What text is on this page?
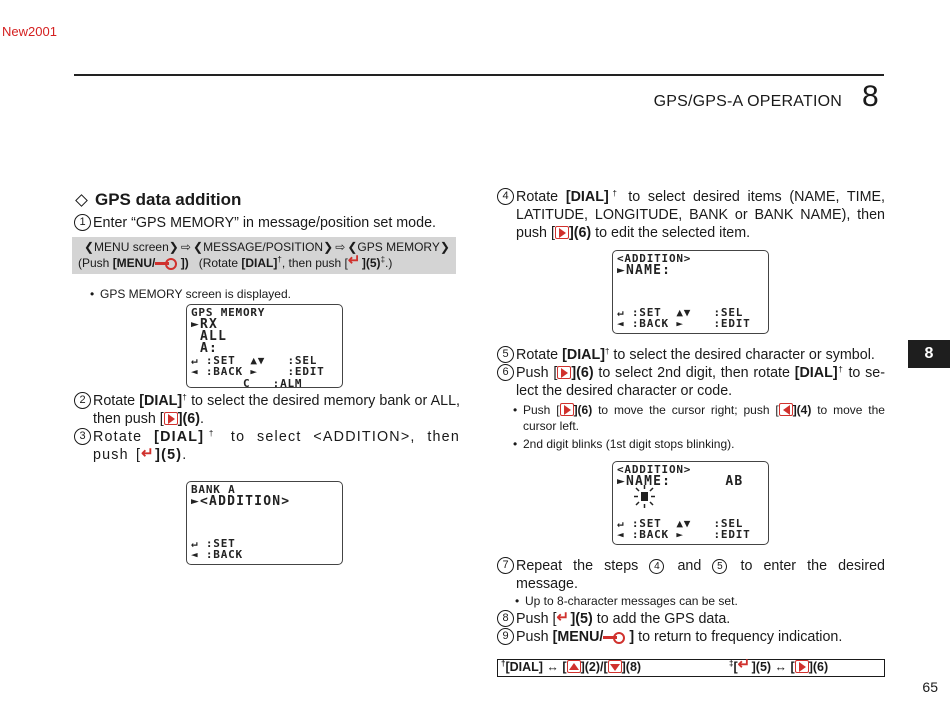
New2001
GPS/GPS-A OPERATION 8
8
GPS data addition
1 Enter “GPS MEMORY” in message/position set mode.
❮MENU screen❯ ⇨ ❮MESSAGE/POSITION❯ ⇨ ❮GPS MEMORY❯
(Push [MENU/ ]) (Rotate [DIAL]†, then push [ ↵ ](5)‡.)
• GPS MEMORY screen is displayed.
GPS MEMORY
►RX
ALL
A:
↵ :SET  ▲▼   :SEL
◄ :BACK ►    :EDIT
C   :ALM
2 Rotate [DIAL]† to select the desired memory bank or ALL, then push [ ](6).
3 Rotate [DIAL]† to select <ADDITION>, then push [ ↵ ](5).
BANK A
►<ADDITION>
↵ :SET
◄ :BACK
4 Rotate [DIAL]† to select desired items (NAME, TIME, LATITUDE, LONGITUDE, BANK or BANK NAME), then push [ ](6) to edit the selected item.
<ADDITION>
►NAME:
↵ :SET  ▲▼   :SEL
◄ :BACK ►    :EDIT
5 Rotate [DIAL]† to select the desired character or symbol.
6 Push [ ](6) to select 2nd digit, then rotate [DIAL]† to se- lect the desired character or code.
• Push [ ](6) to move the cursor right; push [ ](4) to move the cursor left.
• 2nd digit blinks (1st digit stops blinking).
<ADDITION>
►NAME:      AB
↵ :SET  ▲▼   :SEL
◄ :BACK ►    :EDIT
7 Repeat the steps 4 and 5 to enter the desired message.
• Up to 8-character messages can be set.
8 Push [ ↵ ](5) to add the GPS data.
9 Push [MENU/ ] to return to frequency indication.
†[DIAL] ↔ [ ](2)/[ ](8)	‡[ ↵ ](5) ↔ [ ](6)
65
